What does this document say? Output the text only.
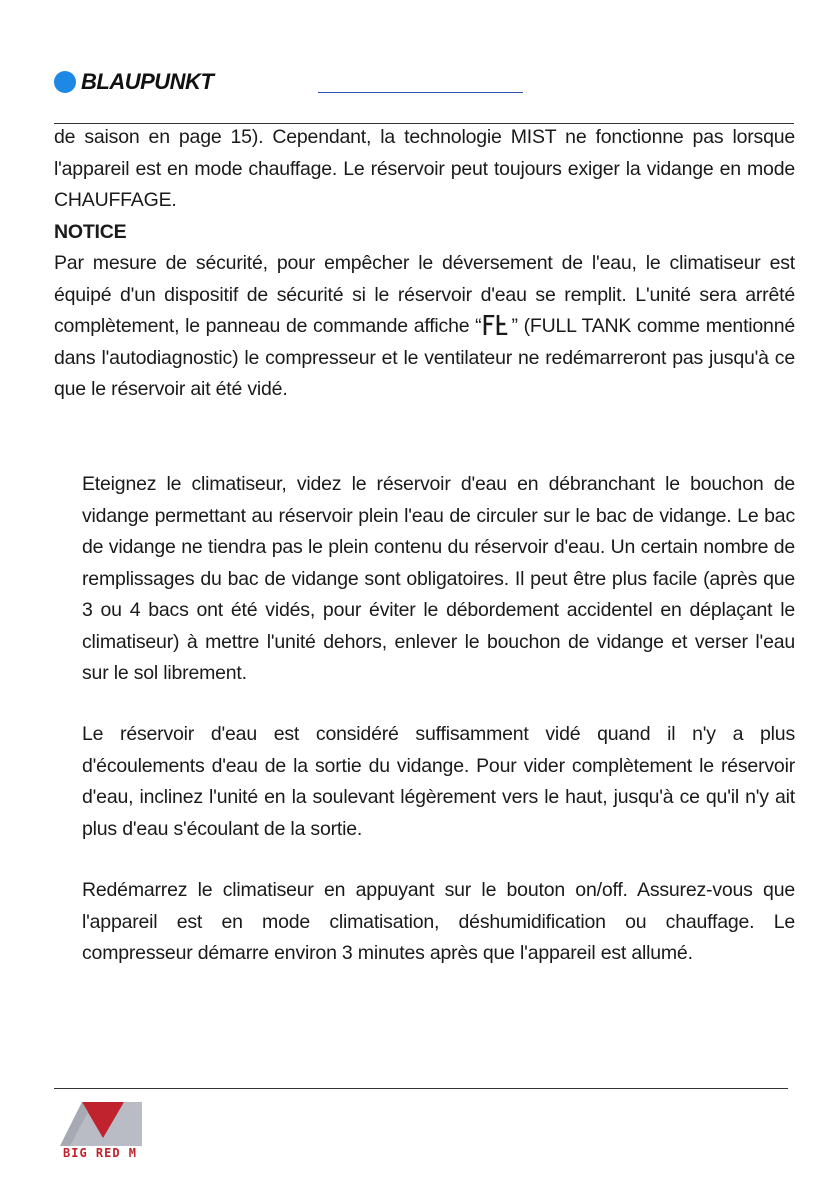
BLAUPUNKT

de saison en page 15). Cependant, la technologie MIST ne fonctionne pas lorsque l'appareil est en mode chauffage. Le réservoir peut toujours exiger la vidange en mode CHAUFFAGE.

NOTICE

Par mesure de sécurité, pour empêcher le déversement de l'eau, le climatiseur est équipé d'un dispositif de sécurité si le réservoir d'eau se remplit. L'unité sera arrêté complètement, le panneau de commande affiche “ ” (FULL TANK comme mentionné dans l'autodiagnostic) le compresseur et le ventilateur ne redémarreront pas jusqu'à ce que le réservoir ait été vidé.

Eteignez le climatiseur, videz le réservoir d'eau en débranchant le bouchon de vidange permettant au réservoir plein l'eau de circuler sur le bac de vidange. Le bac de vidange ne tiendra pas le plein contenu du réservoir d'eau. Un certain nombre de remplissages du bac de vidange sont obligatoires. Il peut être plus facile (après que 3 ou 4 bacs ont été vidés, pour éviter le débordement accidentel en déplaçant le climatiseur) à mettre l'unité dehors, enlever le bouchon de vidange et verser l'eau sur le sol librement.

Le réservoir d'eau est considéré suffisamment vidé quand il n'y a plus d'écoulements d'eau de la sortie du vidange. Pour vider complètement le réservoir d'eau, inclinez l'unité en la soulevant légèrement vers le haut, jusqu'à ce qu'il n'y ait plus d'eau s'écoulant de la sortie.

Redémarrez le climatiseur en appuyant sur le bouton on/off. Assurez-vous que l'appareil est en mode climatisation, déshumidification ou chauffage. Le compresseur démarre environ 3 minutes après que l'appareil est allumé.

BIG RED M
